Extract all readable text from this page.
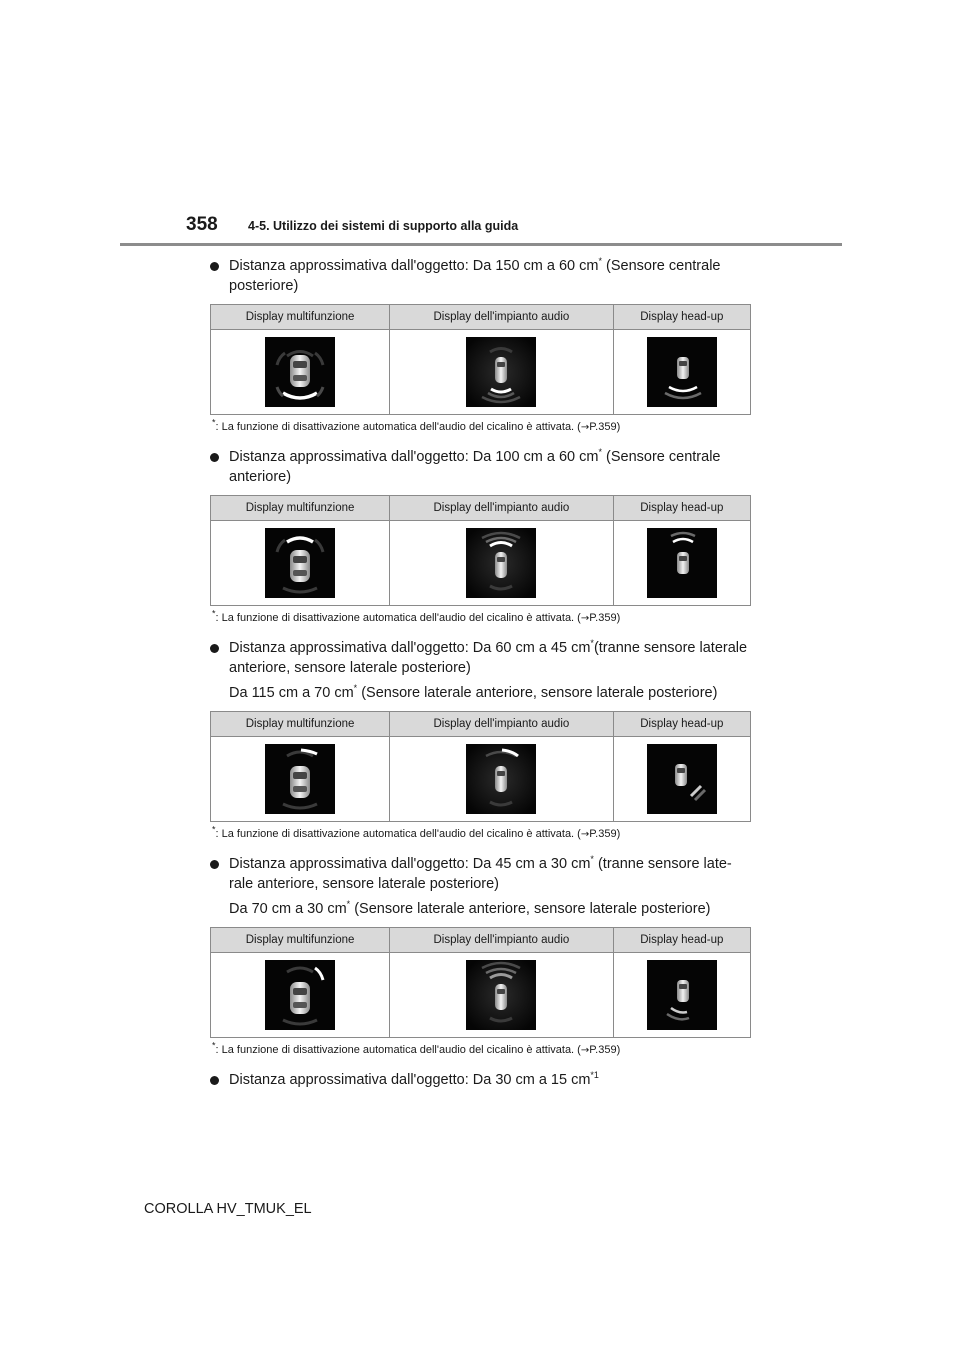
358 4-5. Utilizzo dei sistemi di supporto alla guida

Distanza approssimativa dall'oggetto: Da 150 cm a 60 cm* (Sensore centrale posteriore)

Display multifunzione	Display dell'impianto audio	Display head-up

*: La funzione di disattivazione automatica dell'audio del cicalino è attivata. (→P.359)

Distanza approssimativa dall'oggetto: Da 100 cm a 60 cm* (Sensore centrale anteriore)

Display multifunzione	Display dell'impianto audio	Display head-up

*: La funzione di disattivazione automatica dell'audio del cicalino è attivata. (→P.359)

Distanza approssimativa dall'oggetto: Da 60 cm a 45 cm*(tranne sensore laterale anteriore, sensore laterale posteriore)

Da 115 cm a 70 cm* (Sensore laterale anteriore, sensore laterale posteriore)

Display multifunzione	Display dell'impianto audio	Display head-up

*: La funzione di disattivazione automatica dell'audio del cicalino è attivata. (→P.359)

Distanza approssimativa dall'oggetto: Da 45 cm a 30 cm* (tranne sensore late-rale anteriore, sensore laterale posteriore)

Da 70 cm a 30 cm* (Sensore laterale anteriore, sensore laterale posteriore)

Display multifunzione	Display dell'impianto audio	Display head-up

*: La funzione di disattivazione automatica dell'audio del cicalino è attivata. (→P.359)

Distanza approssimativa dall'oggetto: Da 30 cm a 15 $cm^{*1}$

COROLLA HV_TMUK_EL
